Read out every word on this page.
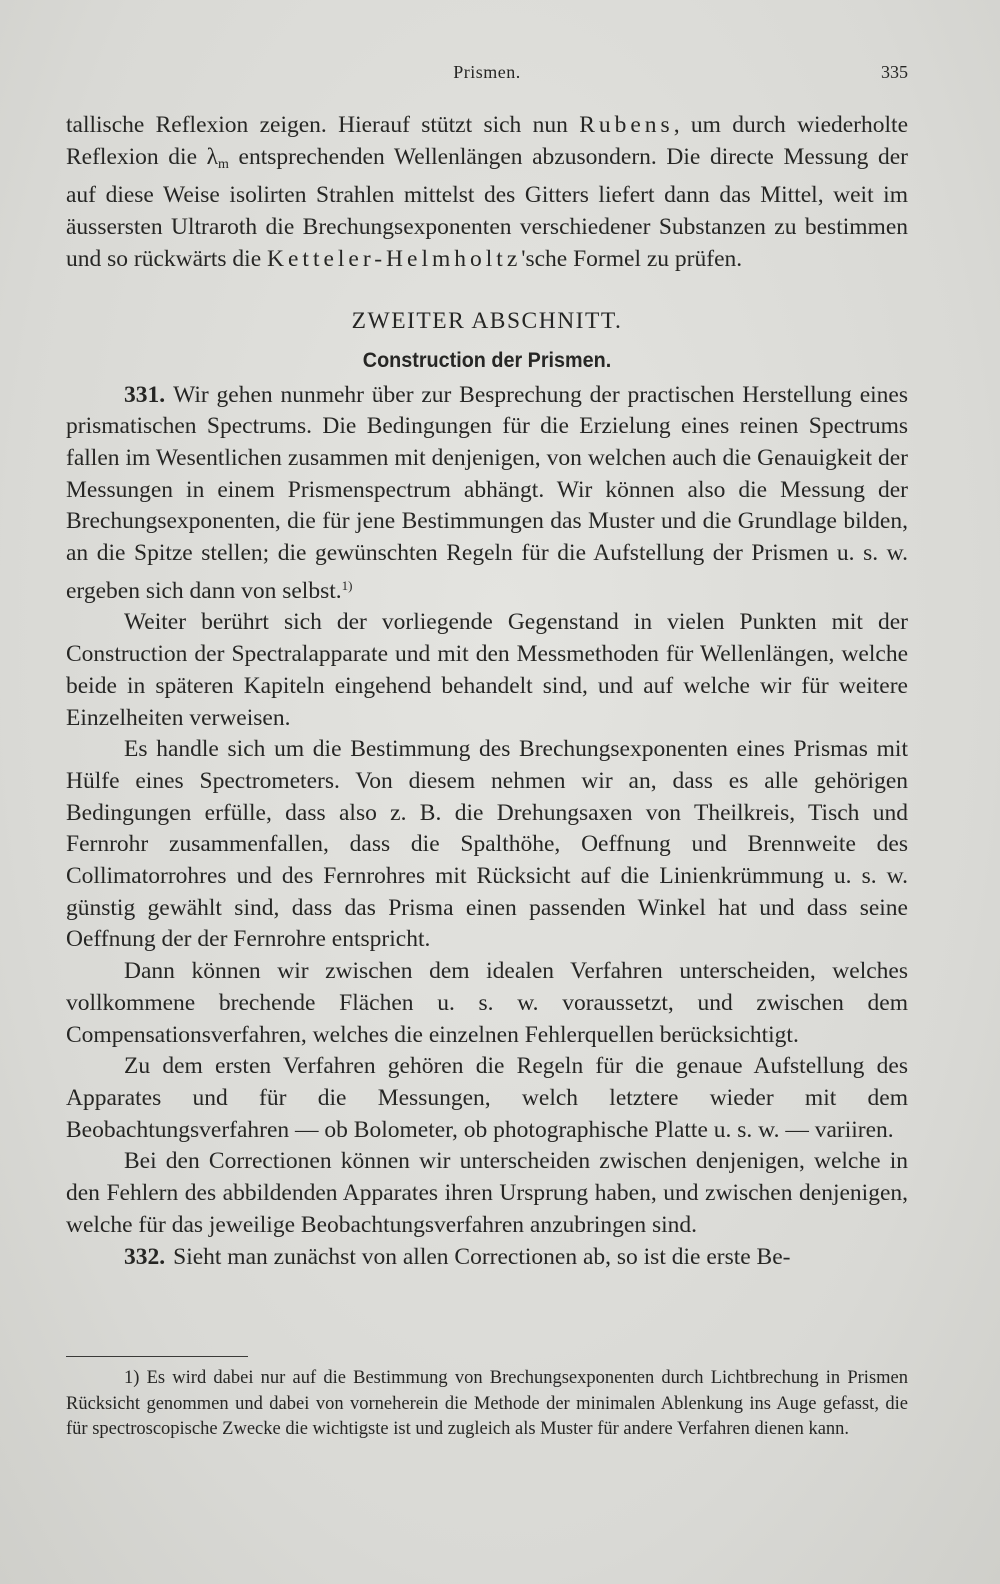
Prismen.	335

tallische Reflexion zeigen. Hierauf stützt sich nun Rubens, um durch wiederholte Reflexion die $\lambda_m$ entsprechenden Wellenlängen abzusondern. Die directe Messung der auf diese Weise isolirten Strahlen mittelst des Gitters liefert dann das Mittel, weit im äussersten Ultraroth die Brechungsexponenten verschiedener Substanzen zu bestimmen und so rückwärts die Ketteler-Helmholtz'sche Formel zu prüfen.

ZWEITER ABSCHNITT.
Construction der Prismen.

331. Wir gehen nunmehr über zur Besprechung der practischen Herstellung eines prismatischen Spectrums. Die Bedingungen für die Erzielung eines reinen Spectrums fallen im Wesentlichen zusammen mit denjenigen, von welchen auch die Genauigkeit der Messungen in einem Prismenspectrum abhängt. Wir können also die Messung der Brechungsexponenten, die für jene Bestimmungen das Muster und die Grundlage bilden, an die Spitze stellen; die gewünschten Regeln für die Aufstellung der Prismen u. s. w. ergeben sich dann von selbst.$^{1)}$

Weiter berührt sich der vorliegende Gegenstand in vielen Punkten mit der Construction der Spectralapparate und mit den Messmethoden für Wellenlängen, welche beide in späteren Kapiteln eingehend behandelt sind, und auf welche wir für weitere Einzelheiten verweisen.

Es handle sich um die Bestimmung des Brechungsexponenten eines Prismas mit Hülfe eines Spectrometers. Von diesem nehmen wir an, dass es alle gehörigen Bedingungen erfülle, dass also z. B. die Drehungsaxen von Theilkreis, Tisch und Fernrohr zusammenfallen, dass die Spalthöhe, Oeffnung und Brennweite des Collimatorrohres und des Fernrohres mit Rücksicht auf die Linienkrümmung u. s. w. günstig gewählt sind, dass das Prisma einen passenden Winkel hat und dass seine Oeffnung der der Fernrohre entspricht.

Dann können wir zwischen dem idealen Verfahren unterscheiden, welches vollkommene brechende Flächen u. s. w. voraussetzt, und zwischen dem Compensationsverfahren, welches die einzelnen Fehlerquellen berücksichtigt.

Zu dem ersten Verfahren gehören die Regeln für die genaue Aufstellung des Apparates und für die Messungen, welch letztere wieder mit dem Beobachtungsverfahren — ob Bolometer, ob photographische Platte u. s. w. — variiren.

Bei den Correctionen können wir unterscheiden zwischen denjenigen, welche in den Fehlern des abbildenden Apparates ihren Ursprung haben, und zwischen denjenigen, welche für das jeweilige Beobachtungsverfahren anzubringen sind.

332. Sieht man zunächst von allen Correctionen ab, so ist die erste Be-

1) Es wird dabei nur auf die Bestimmung von Brechungsexponenten durch Lichtbrechung in Prismen Rücksicht genommen und dabei von vorneherein die Methode der minimalen Ablenkung ins Auge gefasst, die für spectroscopische Zwecke die wichtigste ist und zugleich als Muster für andere Verfahren dienen kann.
